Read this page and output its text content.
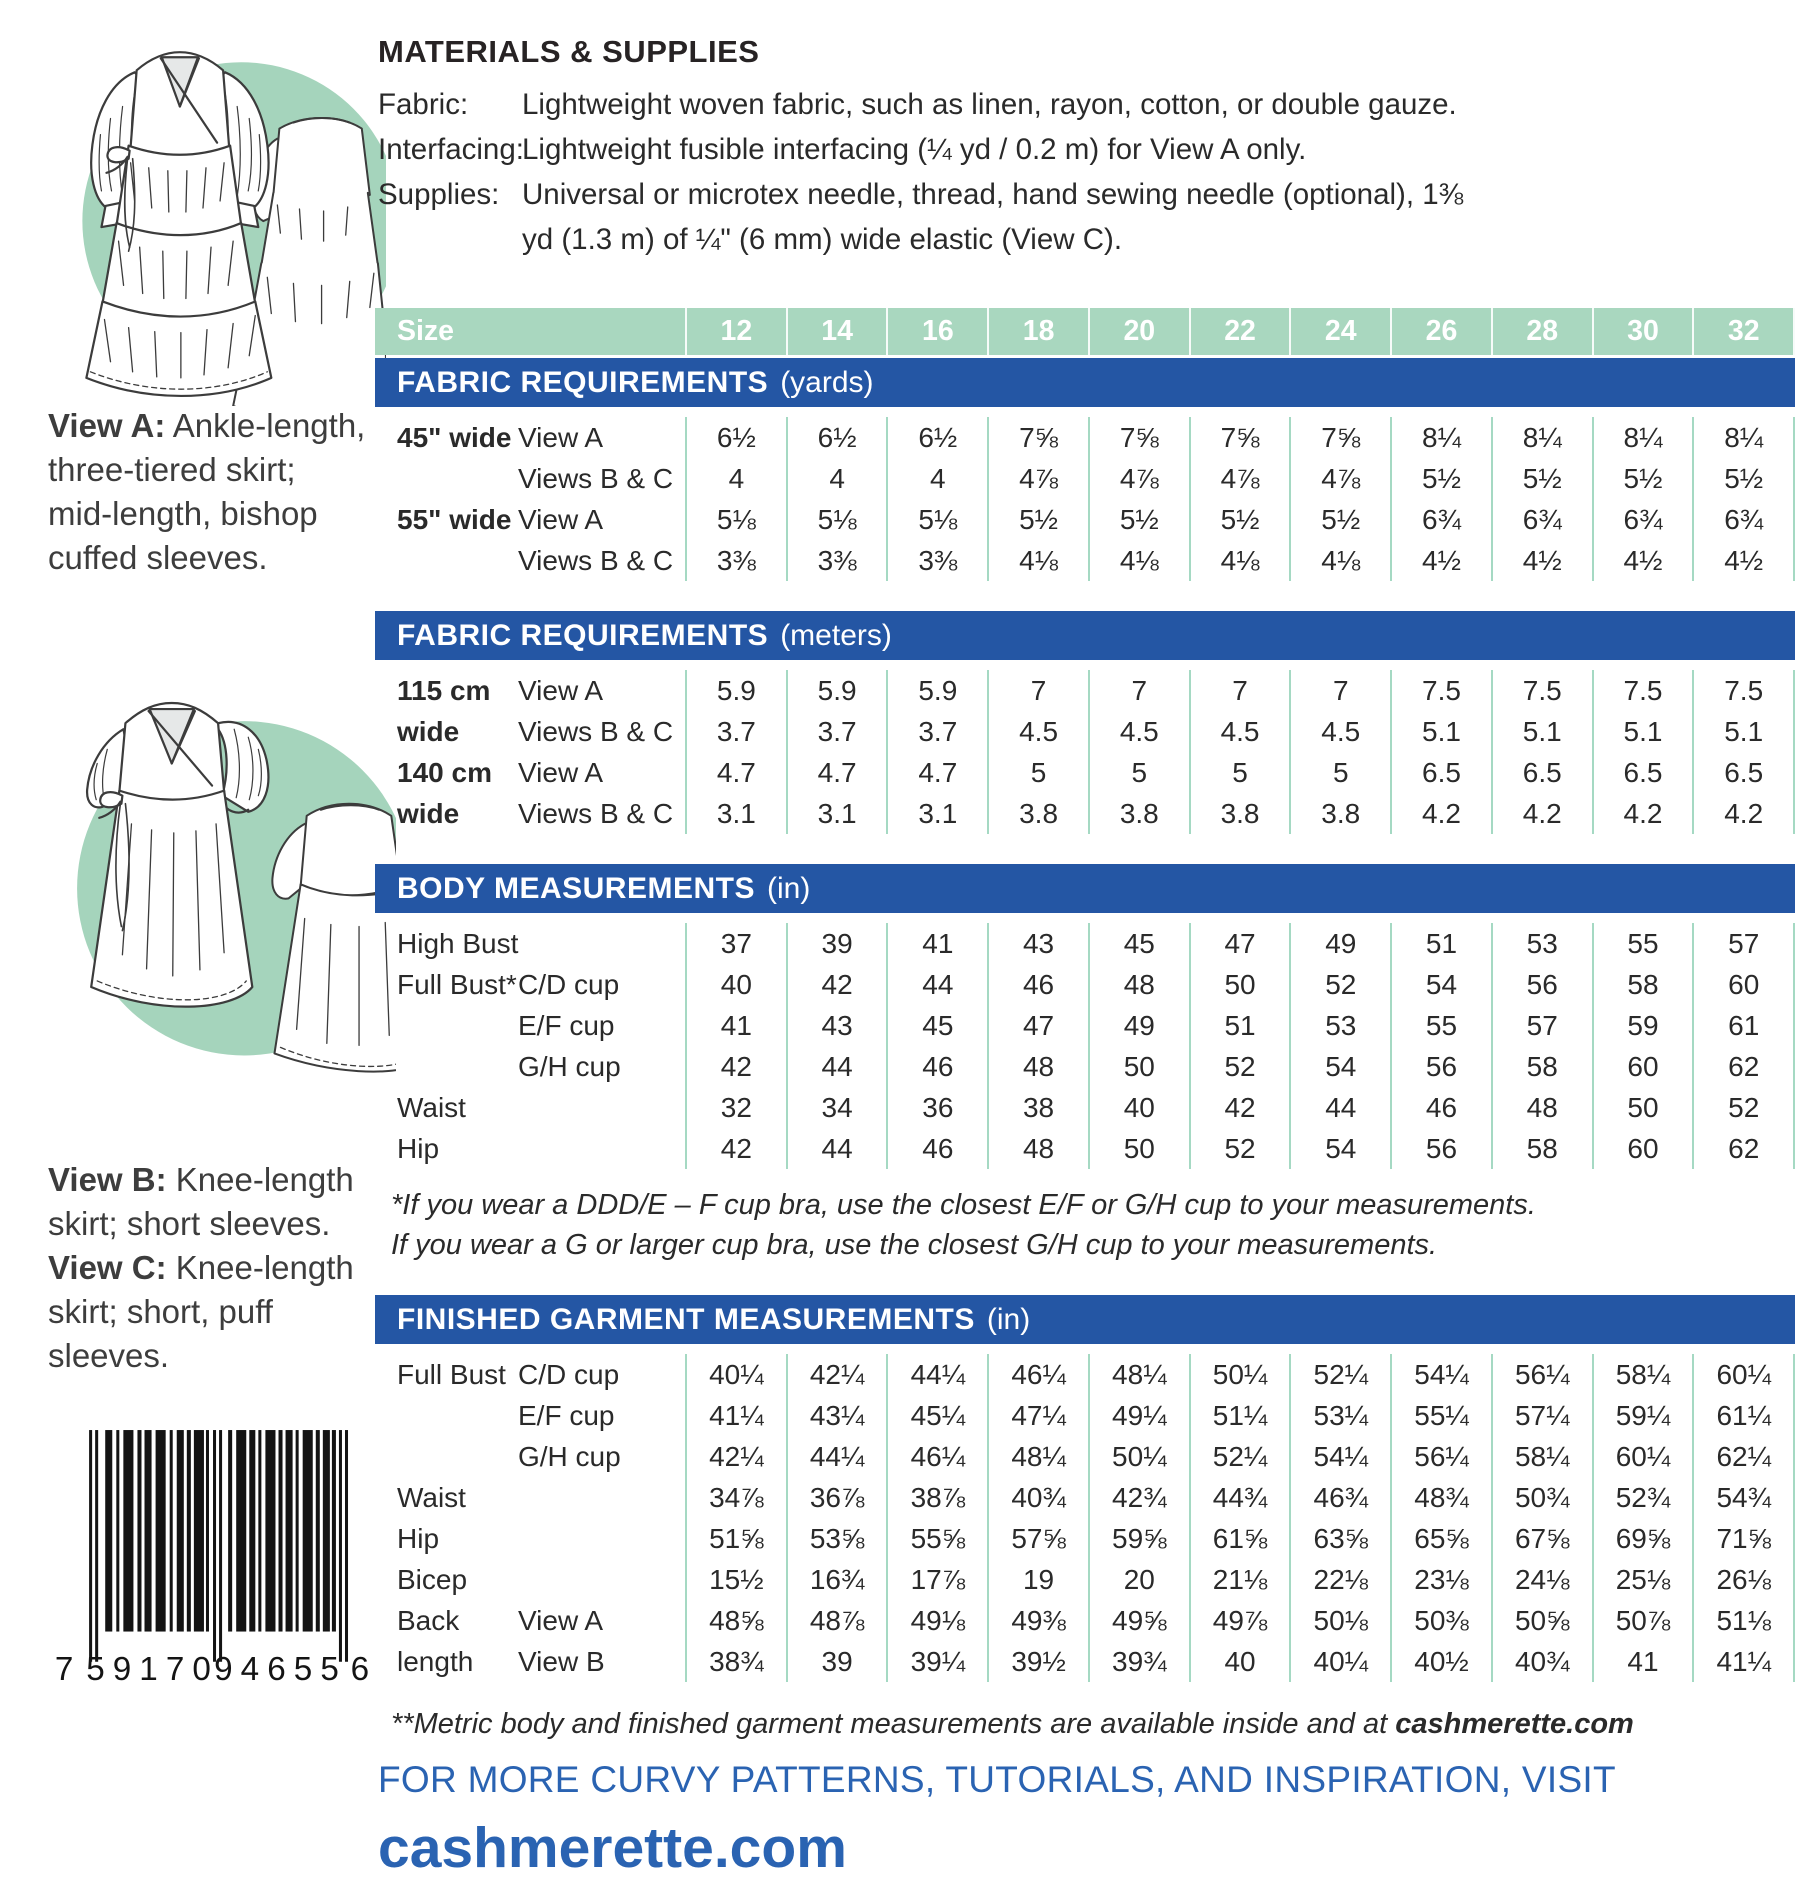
View A: Ankle-length, three-tiered skirt; mid-length, bishop cuffed sleeves.

View B: Knee-length skirt; short sleeves. View C: Knee-length skirt; short, puff sleeves.

7 59170
94655 6
MATERIALS & SUPPLIES
Fabric:	Lightweight woven fabric, such as linen, rayon, cotton, or double gauze.
Interfacing:
Lightweight fusible interfacing (¼ yd / 0.2 m) for View A only.
Supplies: Universal or microtex needle, thread, hand sewing needle (optional), 1⅜ yd (1.3 m) of ¼" (6 mm) wide elastic (View C).
Size	12	14	16	18	20	22	24	26	28	30	32
FABRIC REQUIREMENTS (yards)
45" wide View A	6½	6½	6½	7⅝	7⅝	7⅝	7⅝	8¼	8¼	8¼	8¼
Views B & C	4	4	4	4⅞	4⅞	4⅞	4⅞	5½	5½	5½	5½
55" wide View A	5⅛	5⅛	5⅛	5½	5½	5½	5½	6¾	6¾	6¾	6¾
Views B & C	3⅜	3⅜	3⅜	4⅛	4⅛	4⅛	4⅛	4½	4½	4½	4½
FABRIC REQUIREMENTS (meters)
115 cm View A	5.9	5.9	5.9	7	7	7	7	7.5	7.5	7.5	7.5
wide	Views B & C	3.7	3.7	3.7	4.5	4.5	4.5	4.5	5.1	5.1	5.1	5.1
140 cm View A	4.7	4.7	4.7	5	5	5	5	6.5	6.5	6.5	6.5
wide	Views B & C	3.1	3.1	3.1	3.8	3.8	3.8	3.8	4.2	4.2	4.2	4.2
BODY MEASUREMENTS (in)
High Bust	37	39	41	43	45	47	49	51	53	55	57
Full Bust* C/D cup	40	42	44	46	48	50	52	54	56	58	60
E/F cup	41	43	45	47	49	51	53	55	57	59	61
G/H cup	42	44	46	48	50	52	54	56	58	60	62
Waist	32	34	36	38	40	42	44	46	48	50	52
Hip	42	44	46	48	50	52	54	56	58	60	62

*If you wear a DDD/E – F cup bra, use the closest E/F or G/H cup to your measurements.

If you wear a G or larger cup bra, use the closest G/H cup to your measurements.

FINISHED GARMENT MEASUREMENTS (in)
Full Bust C/D cup	40¼	42¼	44¼	46¼	48¼	50¼	52¼	54¼	56¼	58¼	60¼
E/F cup	41¼	43¼	45¼	47¼	49¼	51¼	53¼	55¼	57¼	59¼	61¼
G/H cup	42¼	44¼	46¼	48¼	50¼	52¼	54¼	56¼	58¼	60¼	62¼
Waist	34⅞	36⅞	38⅞	40¾	42¾	44¾	46¾	48¾	50¾	52¾	54¾
Hip	51⅝	53⅝	55⅝	57⅝	59⅝	61⅝	63⅝	65⅝	67⅝	69⅝	71⅝
Bicep	15½	16¾	17⅞	19	20	21⅛	22⅛	23⅛	24⅛	25⅛	26⅛
Back	View A	48⅝	48⅞	49⅛	49⅜	49⅝	49⅞	50⅛	50⅜	50⅝	50⅞	51⅛
length	View B	38¾	39	39¼	39½	39¾	40	40¼	40½	40¾	41	41¼

**Metric body and finished garment measurements are available inside and at cashmerette.com

FOR MORE CURVY PATTERNS, TUTORIALS, AND INSPIRATION, VISIT
cashmerette.com
